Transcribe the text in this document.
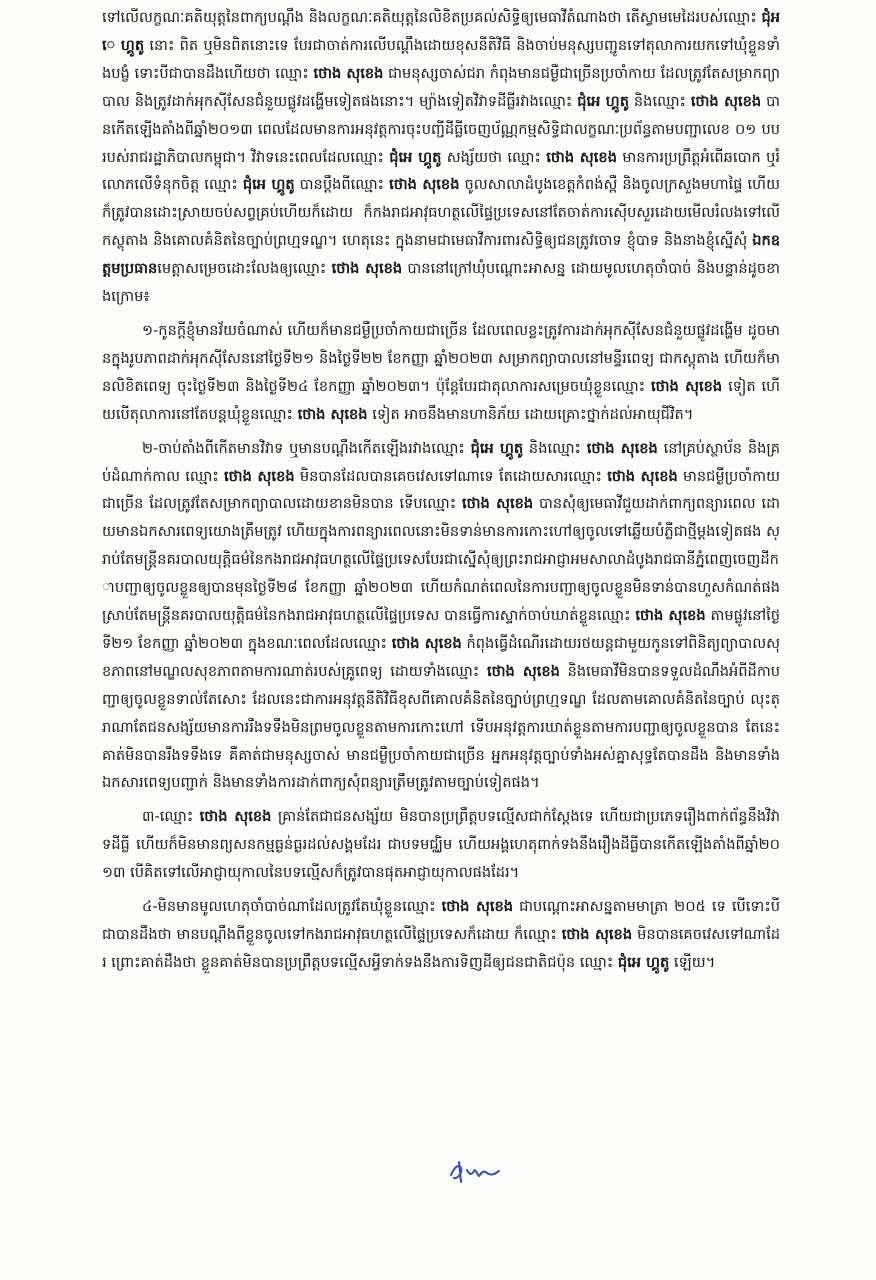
ទៅលើលក្ខណៈគតិយុត្តនៃពាក្យបណ្តឹង និងលក្ខណៈគតិយុត្តនៃលិខិតប្រគល់សិទ្ធិឲ្យមេធាវីតំណាងថា តើស្វាមមេដៃរបស់ឈ្មោះ ជុំអេ ហ្គូតូ នោះ ពិត ឬមិនពិតនោះទេ បែរជាចាត់ការលើបណ្តឹងដោយខុសនីតិវិធី និងចាប់មនុស្សបញ្ជូនទៅតុលាការយកទៅឃុំខ្លួនទាំងបង្ខំ ទោះបីជាបានដឹងហើយថា ឈ្មោះ ថោង សុខេង ជាមនុស្សចាស់ជរា កំពុងមានជម្ងឺជាច្រើនប្រចាំកាយ ដែលត្រូវតែសម្រាកព្យាបាល និងត្រូវដាក់អុកស៊ីសែនជំនួយផ្លូវដង្ហើមទៀតផងនោះ។ ម្យ៉ាងទៀតវិវាទដីធ្លីរវាងឈ្មោះ ជុំអេ ហ្គូតូ និងឈ្មោះ ថោង សុខេង បានកើតឡើងតាំងពីឆ្នាំ២០១៣ ពេលដែលមានការអនុវត្តការចុះបញ្ជីដីធ្លីចេញប័ណ្ណកម្មសិទ្ធិជាលក្ខណៈប្រព័ន្ធតាមបញ្ជាលេខ ០១ បប របស់រាជរដ្ឋាភិបាលកម្ពុជា។ វិវាទនេះពេលដែលឈ្មោះ ជុំអេ ហ្គូតូ សង្ស័យថា ឈ្មោះ ថោង សុខេង មានការប្រព្រឹត្តអំពើឆបោក ឬរំលោភលើទំនុកចិត្ត ឈ្មោះ ជុំអេ ហ្គូតូ បានប្តឹងពីឈ្មោះ ថោង សុខេង ចូលសាលាដំបូងខេត្តកំពង់ស្ពឺ និងចូលក្រសួងមហាផ្ទៃ ហើយក៏ត្រូវបានដោះស្រាយចប់សព្វគ្រប់ហើយក៏ដោយ ក៏កងរាជអាវុធហត្ថលើផ្ទៃប្រទេសនៅតែចាត់ការស៊ើបសួរដោយមើលរំលងទៅលើកស្ថុតាង និងគោលគំនិតនៃច្បាប់ព្រហ្មទណ្ឌ។ ហេតុនេះ ក្នុងនាមជាមេធាវីការពារសិទ្ធិឲ្យជនត្រូវចោទ ខ្ញុំបាទ និងនាងខ្ញុំស្នើសុំ ឯកឧត្តមប្រធានមេត្តាសម្រេចដោះលែងឲ្យឈ្មោះ ថោង សុខេង បាននៅក្រៅឃុំបណ្តោះអាសន្ន ដោយមូលហេតុចាំបាច់ និងបន្ទាន់ដូចខាងក្រោម៖

១-កូនក្តីខ្ញុំមានវ័យចំណាស់ ហើយក៏មានជម្ងឺប្រចាំកាយជាច្រើន ដែលពេលខ្លះត្រូវការដាក់អុកស៊ីសែនជំនួយផ្លូវដង្ហើម ដូចមានក្នុងរូបភាពដាក់អុកស៊ីសែននៅថ្ងៃទី២១ និងថ្ងៃទី២២ ខែកញ្ញា ឆ្នាំ២០២៣ សម្រាកព្យាបាលនៅមន្ទីរពេទ្យ ជាកស្តុតាង ហើយក៏មានលិខិតពេទ្យ ចុះថ្ងៃទី២៣ និងថ្ងៃទី២៤ ខែកញ្ញា ឆ្នាំ២០២៣។ ប៉ុន្តែបែរជាតុលាការសម្រេចឃុំខ្លួនឈ្មោះ ថោង សុខេង ទៀត ហើយបើតុលាការនៅតែបន្តឃុំខ្លួនឈ្មោះ ថោង សុខេង ទៀត អាចនឹងមានហានិភ័យ ដោយគ្រោះថ្នាក់ដល់អាយុជីវិត។

២-ចាប់តាំងពីកើតមានវិវាទ ឬមានបណ្តឹងកើតឡើងរវាងឈ្មោះ ជុំអេ ហ្គូតូ និងឈ្មោះ ថោង សុខេង នៅគ្រប់ស្ថាប័ន និងគ្រប់ដំណាក់កាល ឈ្មោះ ថោង សុខេង មិនបានដែលបានគេចវេសទៅណាទេ តែដោយសារឈ្មោះ ថោង សុខេង មានជម្ងឺប្រចាំកាយជាច្រើន ដែលត្រូវតែសម្រាកព្យាបាលដោយខានមិនបាន ទើបឈ្មោះ ថោង សុខេង បានសុំឲ្យមេធាវីជួយដាក់ពាក្យពន្យារពេល ដោយមានឯកសារពេទ្យយោងត្រឹមត្រូវ ហើយក្នុងការពន្យារពេលនោះមិនទាន់មានការកោះហៅឲ្យចូលទៅឆ្លើយបំភ្លឺជាថ្មីម្តងទៀតផង ស្រាប់តែមន្ត្រីនគរបាលយុត្តិធម៌នៃកងរាជអាវុធហត្ថលើផ្ទៃប្រទេសបែរជាស្នើសុំឲ្យព្រះរាជអាជ្ញាអមសាលាដំបូងរាជធានីភ្នំពេញចេញដីកាបញ្ជាឲ្យចូលខ្លួនឲ្យបានមុនថ្ងៃទី២៨ ខែកញ្ញា ឆ្នាំ២០២៣ ហើយកំណត់ពេលនៃការបញ្ជាឲ្យចូលខ្លួនមិនទាន់បានហួសកំណត់ផង ស្រាប់តែមន្ត្រីនគរបាលយុត្តិធម៌នៃកងរាជអាវុធហត្ថលើផ្ទៃប្រទេស បានធ្វើការស្ទាក់ចាប់ឃាត់ខ្លួនឈ្មោះ ថោង សុខេង តាមផ្លូវនៅថ្ងៃទី២១ ខែកញ្ញា ឆ្នាំ២០២៣ ក្នុងខណៈពេលដែលឈ្មោះ ថោង សុខេង កំពុងធ្វើដំណើរដោយរថយន្តជាមួយកូនទៅពិនិត្យព្យាបាលសុខភាពនៅមណ្ឌលសុខភាពតាមការណាត់របស់គ្រូពេទ្យ ដោយទាំងឈ្មោះ ថោង សុខេង និងមេធាវីមិនបានទទួលដំណឹងអំពីដីកាបញ្ជាឲ្យចូលខ្លួនទាល់តែសោះ ដែលនេះជាការអនុវត្តនីតិវិធីខុសពីគោលគំនិតនៃច្បាប់ព្រហ្មទណ្ឌ ដែលតាមគោលគំនិតនៃច្បាប់ លុះត្រាណាតែជនសង្ស័យមានការរឹងទទឹងមិនព្រមចូលខ្លួនតាមការកោះហៅ ទើបអនុវត្តការឃាត់ខ្លួនតាមការបញ្ជាឲ្យចូលខ្លួនបាន តែនេះគាត់មិនបានរឹងទទឹងទេ គឺគាត់ជាមនុស្សចាស់ មានជម្ងឺប្រចាំកាយជាច្រើន អ្នកអនុវត្តច្បាប់ទាំងអស់គ្នាសុទ្ធតែបានដឹង និងមានទាំងឯកសារពេទ្យបញ្ជាក់ និងមានទាំងការដាក់ពាក្យសុំពន្យារត្រឹមត្រូវតាមច្បាប់ទៀតផង។

៣-ឈ្មោះ ថោង សុខេង គ្រាន់តែជាជនសង្ស័យ មិនបានប្រព្រឹត្តបទល្មើសជាក់ស្តែងទេ ហើយជាប្រភេទរឿងពាក់ព័ន្ធនឹងវិវាទដីធ្លី ហើយក៏មិនមានព្យសនកម្មធ្ងន់ធ្ងរដល់សង្គមដែរ ជាបទមជ្ឈិម ហើយអង្គហេតុពាក់ទងនឹងរឿងដីធ្លីបានកើតឡើងតាំងពីឆ្នាំ២០១៣ បើគិតទៅលើអាជ្ញាយុកាលនៃបទល្មើសក៏ត្រូវបានផុតអាជ្ញាយុកាលផងដែរ។

៤-មិនមានមូលហេតុចាំបាច់ណាដែលត្រូវតែឃុំខ្លួនឈ្មោះ ថោង សុខេង ជាបណ្តោះអាសន្នតាមមាត្រា ២០៥ ទេ បើទោះបីជាបានដឹងថា មានបណ្តឹងពីខ្លួនចូលទៅកងរាជអាវុធហត្ថលើផ្ទៃប្រទេសក៏ដោយ ក៏ឈ្មោះ ថោង សុខេង មិនបានគេចវេសទៅណាដែរ ព្រោះគាត់ដឹងថា ខ្លួនគាត់មិនបានប្រព្រឹត្តបទល្មើសអ្វីទាក់ទងនឹងការទិញដីឲ្យជនជាតិជប៉ុន ឈ្មោះ ជុំអេ ហ្គូតូ ឡើយ។
